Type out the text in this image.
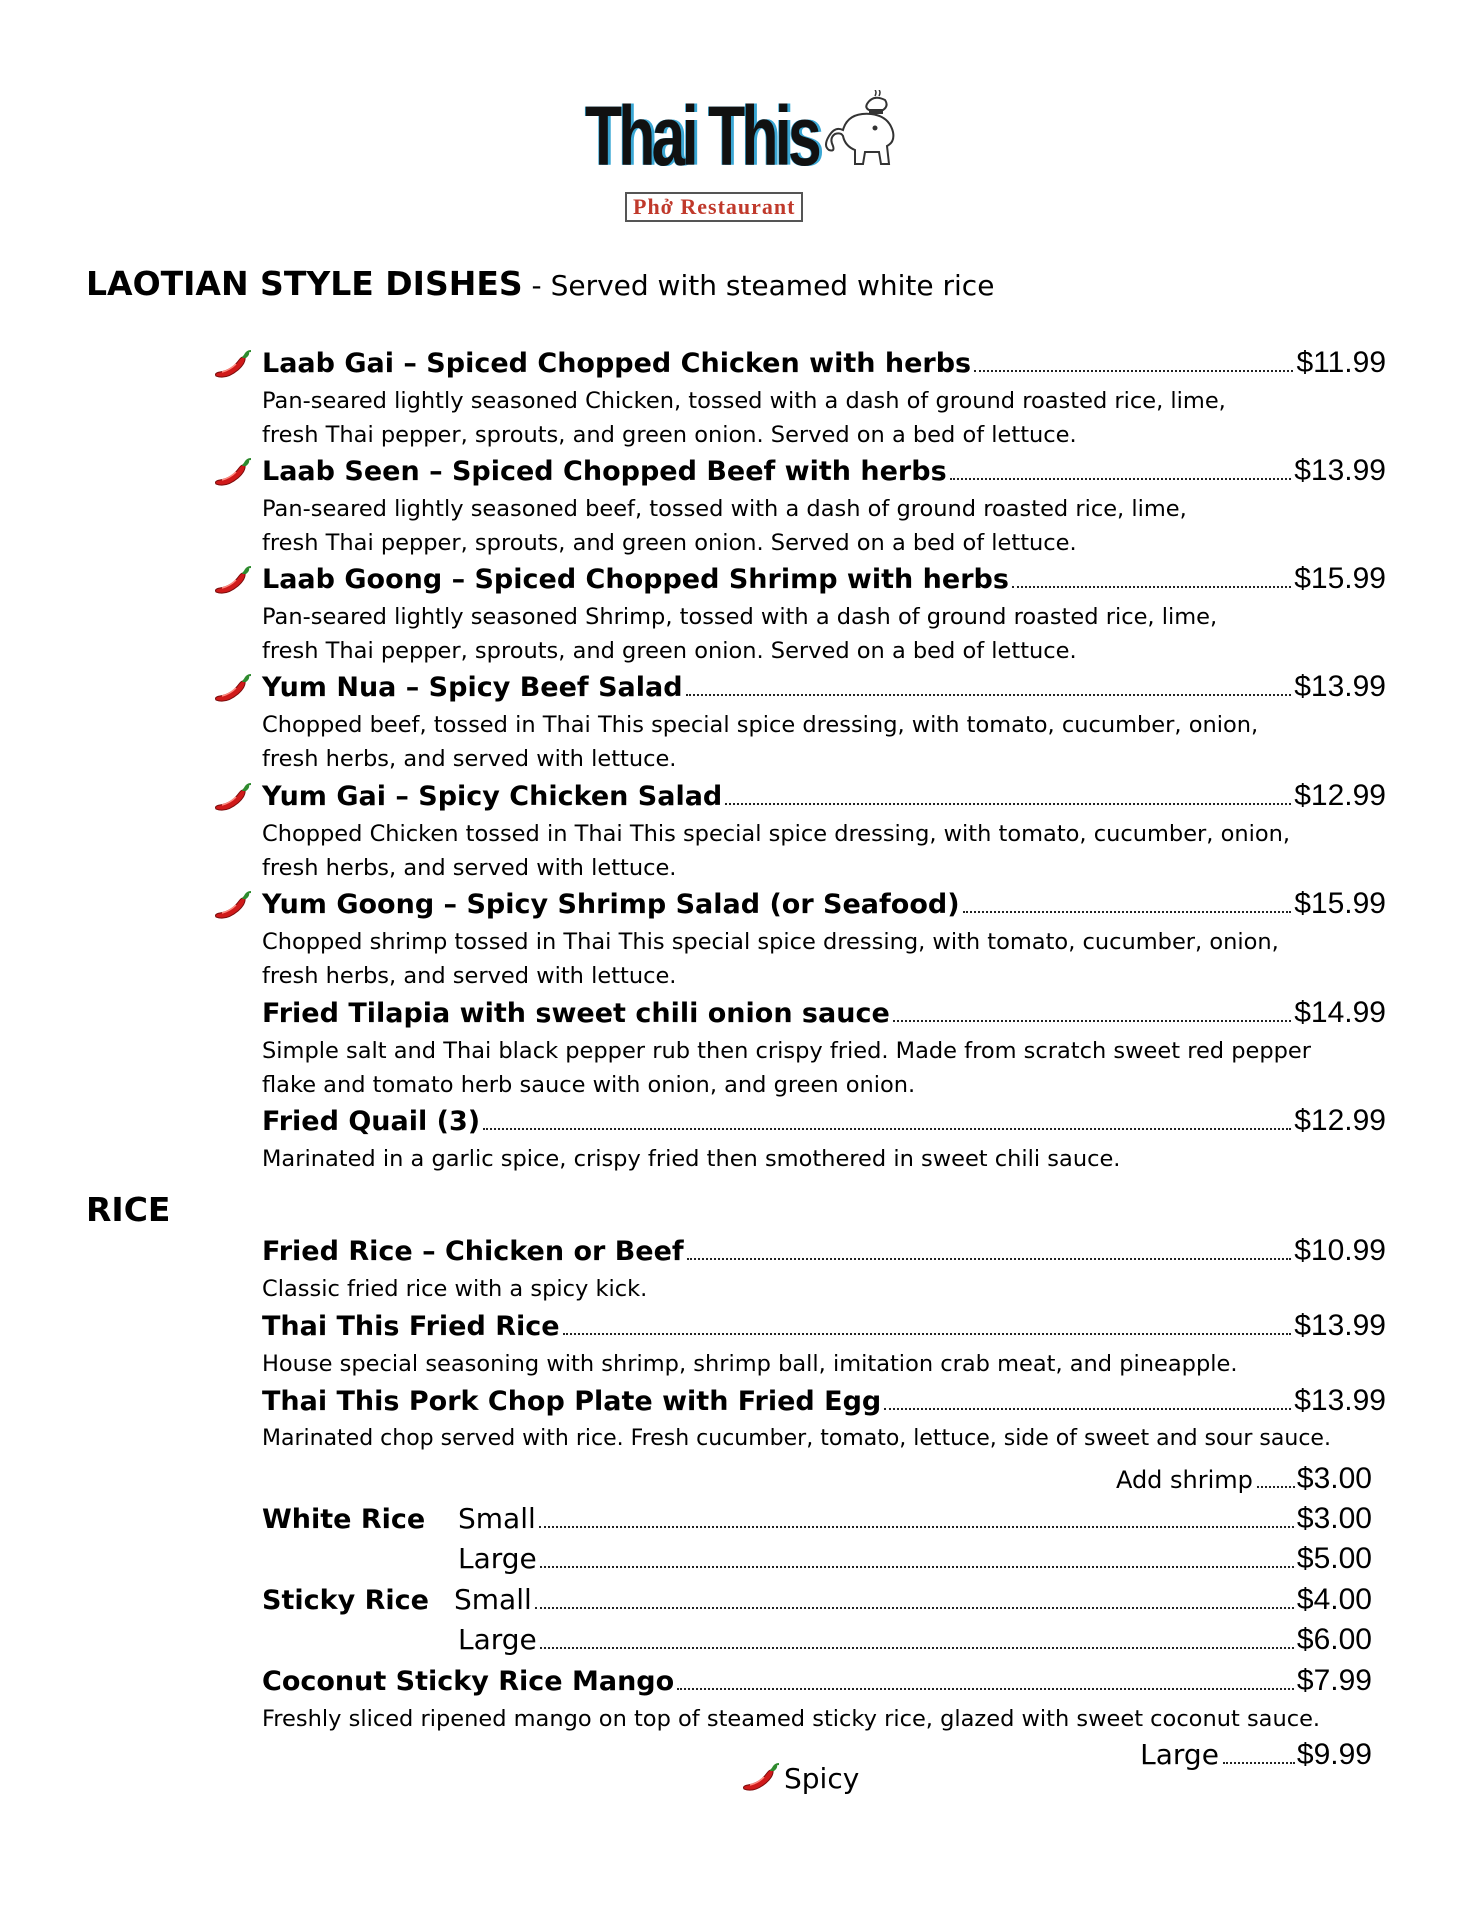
Thai This
Phở Restaurant
LAOTIAN STYLE DISHES - Served with steamed white rice
Laab Gai – Spiced Chopped Chicken with herbs	$11.99
Pan-seared lightly seasoned Chicken, tossed with a dash of ground roasted rice, lime,
fresh Thai pepper, sprouts, and green onion. Served on a bed of lettuce.
Laab Seen – Spiced Chopped Beef with herbs	$13.99
Pan-seared lightly seasoned beef, tossed with a dash of ground roasted rice, lime,
fresh Thai pepper, sprouts, and green onion. Served on a bed of lettuce.
Laab Goong – Spiced Chopped Shrimp with herbs	$15.99
Pan-seared lightly seasoned Shrimp, tossed with a dash of ground roasted rice, lime,
fresh Thai pepper, sprouts, and green onion. Served on a bed of lettuce.
Yum Nua – Spicy Beef Salad	$13.99
Chopped beef, tossed in Thai This special spice dressing, with tomato, cucumber, onion,
fresh herbs, and served with lettuce.
Yum Gai – Spicy Chicken Salad	$12.99
Chopped Chicken tossed in Thai This special spice dressing, with tomato, cucumber, onion,
fresh herbs, and served with lettuce.
Yum Goong – Spicy Shrimp Salad (or Seafood)	$15.99
Chopped shrimp tossed in Thai This special spice dressing, with tomato, cucumber, onion,
fresh herbs, and served with lettuce.
Fried Tilapia with sweet chili onion sauce	$14.99
Simple salt and Thai black pepper rub then crispy fried. Made from scratch sweet red pepper
flake and tomato herb sauce with onion, and green onion.
Fried Quail (3)	$12.99
Marinated in a garlic spice, crispy fried then smothered in sweet chili sauce.
RICE
Fried Rice – Chicken or Beef	$10.99
Classic fried rice with a spicy kick.
Thai This Fried Rice	$13.99
House special seasoning with shrimp, shrimp ball, imitation crab meat, and pineapple.
Thai This Pork Chop Plate with Fried Egg	$13.99
Marinated chop served with rice. Fresh cucumber, tomato, lettuce, side of sweet and sour sauce.
Add shrimp $3.00
White Rice	Small	$3.00
Large	$5.00
Sticky Rice Small	$4.00
Large	$6.00
Coconut Sticky Rice Mango	$7.99
Freshly sliced ripened mango on top of steamed sticky rice, glazed with sweet coconut sauce.
Large	$9.99
Spicy
